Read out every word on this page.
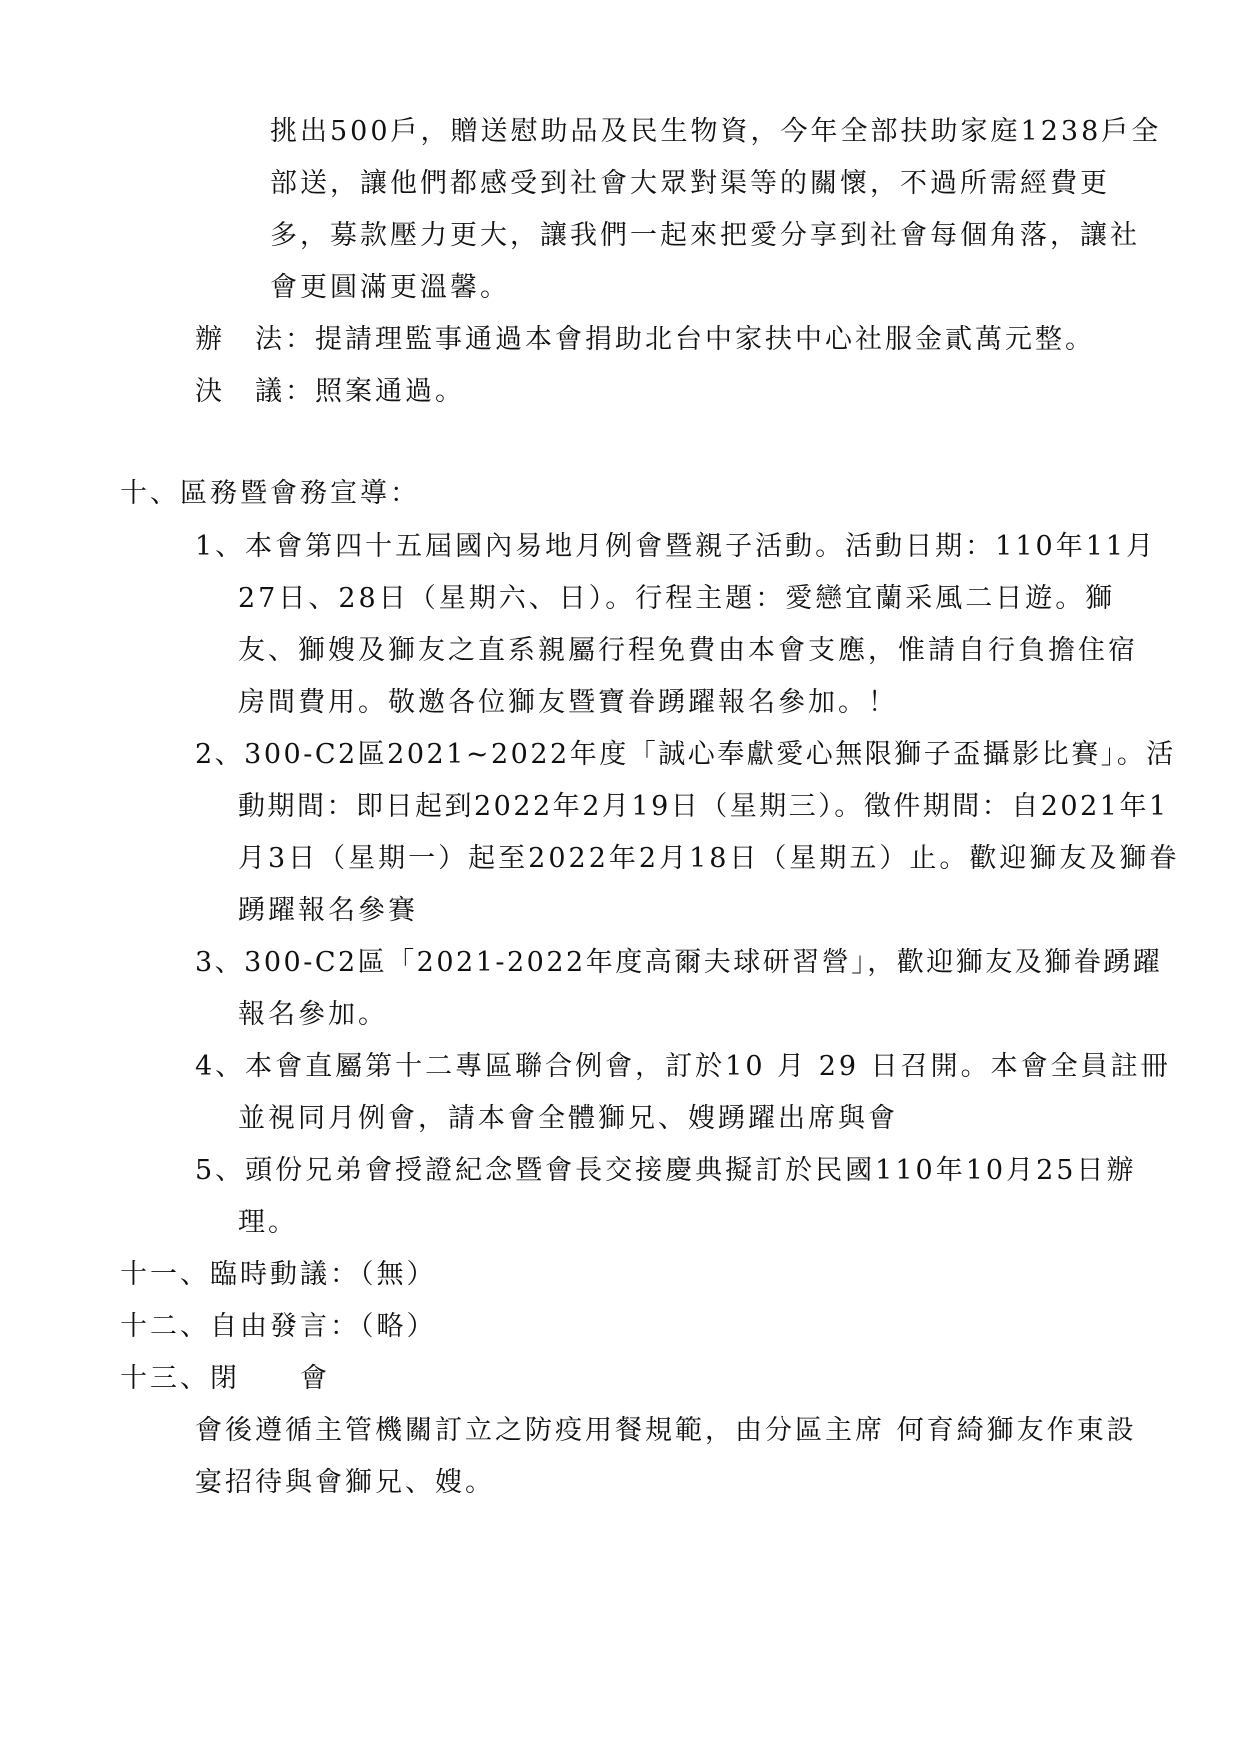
挑出500戶，贈送慰助品及民生物資，今年全部扶助家庭1238戶全
部送，讓他們都感受到社會大眾對渠等的關懷，不過所需經費更
多，募款壓力更大，讓我們一起來把愛分享到社會每個角落，讓社
會更圓滿更溫馨。
辦　法：提請理監事通過本會捐助北台中家扶中心社服金貳萬元整。
決　議：照案通過。
十、區務暨會務宣導：
1、本會第四十五屆國內易地月例會暨親子活動。活動日期：110年11月
27日、28日（星期六、日）。行程主題：愛戀宜蘭采風二日遊。獅
友、獅嫂及獅友之直系親屬行程免費由本會支應，惟請自行負擔住宿
房間費用。敬邀各位獅友暨寶眷踴躍報名參加。！
2、300-C2區2021~2022年度「誠心奉獻愛心無限獅子盃攝影比賽」。活
動期間：即日起到2022年2月19日（星期三）。徵件期間：自2021年1
月3日（星期一）起至2022年2月18日（星期五）止。歡迎獅友及獅眷
踴躍報名參賽
3、300-C2區「2021-2022年度高爾夫球研習營」，歡迎獅友及獅眷踴躍
報名參加。
4、本會直屬第十二專區聯合例會，訂於10 月 29 日召開。本會全員註冊
並視同月例會，請本會全體獅兄、嫂踴躍出席與會
5、頭份兄弟會授證紀念暨會長交接慶典擬訂於民國110年10月25日辦
理。
十一、臨時動議：（無）
十二、自由發言：（略）
十三、閉　　會
會後遵循主管機關訂立之防疫用餐規範，由分區主席 何育綺獅友作東設
宴招待與會獅兄、嫂。
